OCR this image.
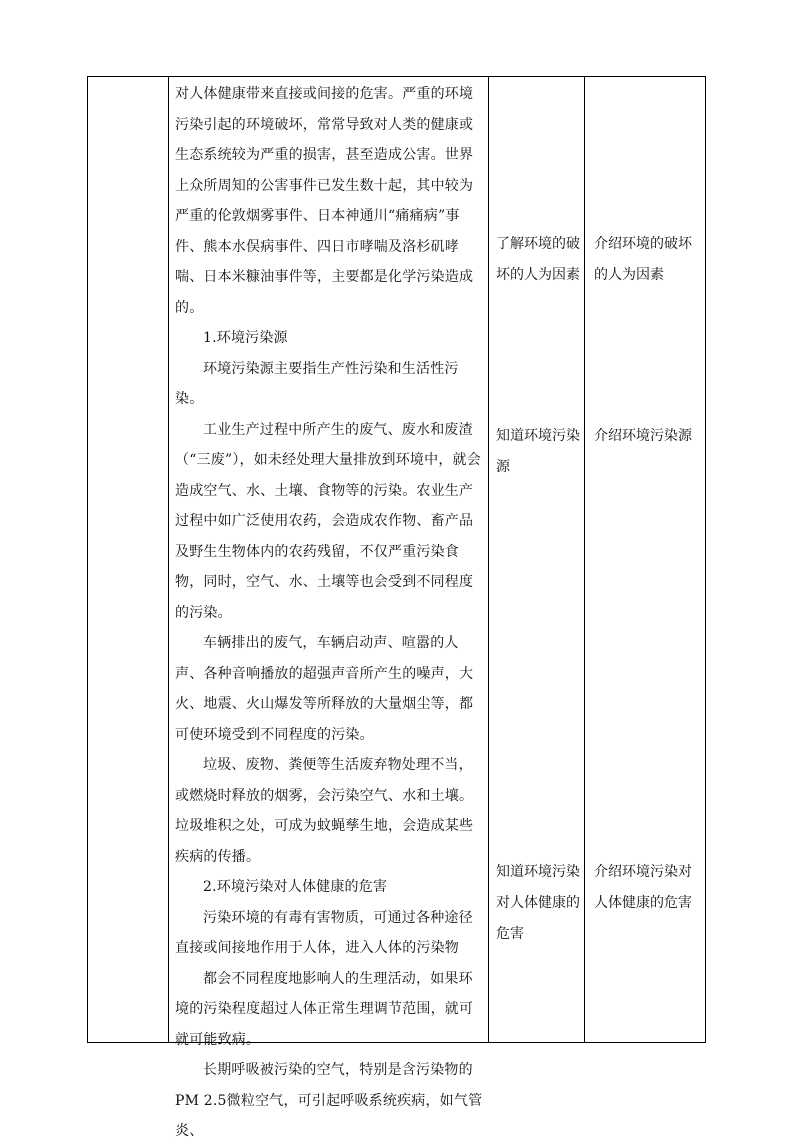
对人体健康带来直接或间接的危害。严重的环境污染引起的环境破坏，常常导致对人类的健康或生态系统较为严重的损害，甚至造成公害。世界上众所周知的公害事件已发生数十起，其中较为严重的伦敦烟雾事件、日本神通川“痛痛病”事件、熊本水俣病事件、四日市哮喘及洛杉矶哮喘、日本米糠油事件等，主要都是化学污染造成的。

1.环境污染源

环境污染源主要指生产性污染和生活性污染。

工业生产过程中所产生的废气、废水和废渣（“三废”），如未经处理大量排放到环境中，就会造成空气、水、土壤、食物等的污染。农业生产过程中如广泛使用农药，会造成农作物、畜产品及野生生物体内的农药残留，不仅严重污染食物，同时，空气、水、土壤等也会受到不同程度的污染。

车辆排出的废气，车辆启动声、喧嚣的人声、各种音响播放的超强声音所产生的噪声，大火、地震、火山爆发等所释放的大量烟尘等，都可使环境受到不同程度的污染。

垃圾、废物、粪便等生活废弃物处理不当，或燃烧时释放的烟雾，会污染空气、水和土壤。垃圾堆积之处，可成为蚊蝇孳生地，会造成某些疾病的传播。

2.环境污染对人体健康的危害

污染环境的有毒有害物质，可通过各种途径直接或间接地作用于人体，进入人体的污染物

都会不同程度地影响人的生理活动，如果环境的污染程度超过人体正常生理调节范围，就可就可能致病。

长期呼吸被污染的空气，特别是含污染物的PM 2.5微粒空气，可引起呼吸系统疾病，如气管炎、

了解环境的破坏的人为因素
介绍环境的破坏的人为因素
知道环境污染源
介绍环境污染源
知道环境污染对人体健康的危害
介绍环境污染对人体健康的危害
